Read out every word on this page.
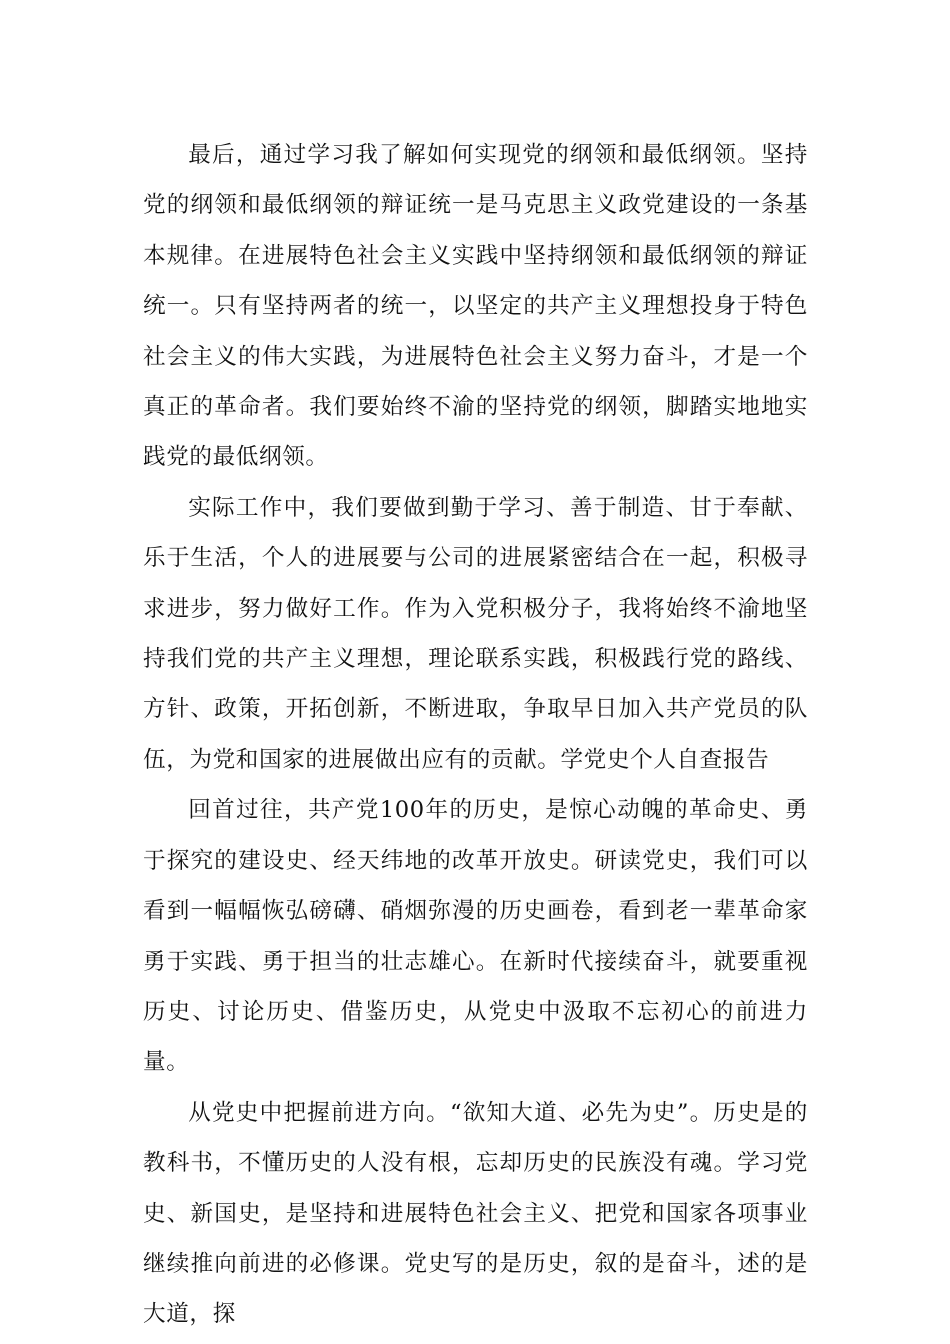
最后，通过学习我了解如何实现党的纲领和最低纲领。坚持党的纲领和最低纲领的辩证统一是马克思主义政党建设的一条基本规律。在进展特色社会主义实践中坚持纲领和最低纲领的辩证统一。只有坚持两者的统一，以坚定的共产主义理想投身于特色社会主义的伟大实践，为进展特色社会主义努力奋斗，才是一个真正的革命者。我们要始终不渝的坚持党的纲领，脚踏实地地实践党的最低纲领。

实际工作中，我们要做到勤于学习、善于制造、甘于奉献、乐于生活，个人的进展要与公司的进展紧密结合在一起，积极寻求进步，努力做好工作。作为入党积极分子，我将始终不渝地坚持我们党的共产主义理想，理论联系实践，积极践行党的路线、方针、政策，开拓创新，不断进取，争取早日加入共产党员的队伍，为党和国家的进展做出应有的贡献。学党史个人自查报告

回首过往，共产党100年的历史，是惊心动魄的革命史、勇于探究的建设史、经天纬地的改革开放史。研读党史，我们可以看到一幅幅恢弘磅礴、硝烟弥漫的历史画卷，看到老一辈革命家勇于实践、勇于担当的壮志雄心。在新时代接续奋斗，就要重视历史、讨论历史、借鉴历史，从党史中汲取不忘初心的前进力量。

从党史中把握前进方向。“欲知大道、必先为史”。历史是的教科书，不懂历史的人没有根，忘却历史的民族没有魂。学习党史、新国史，是坚持和进展特色社会主义、把党和国家各项事业继续推向前进的必修课。党史写的是历史，叙的是奋斗，述的是大道，探
